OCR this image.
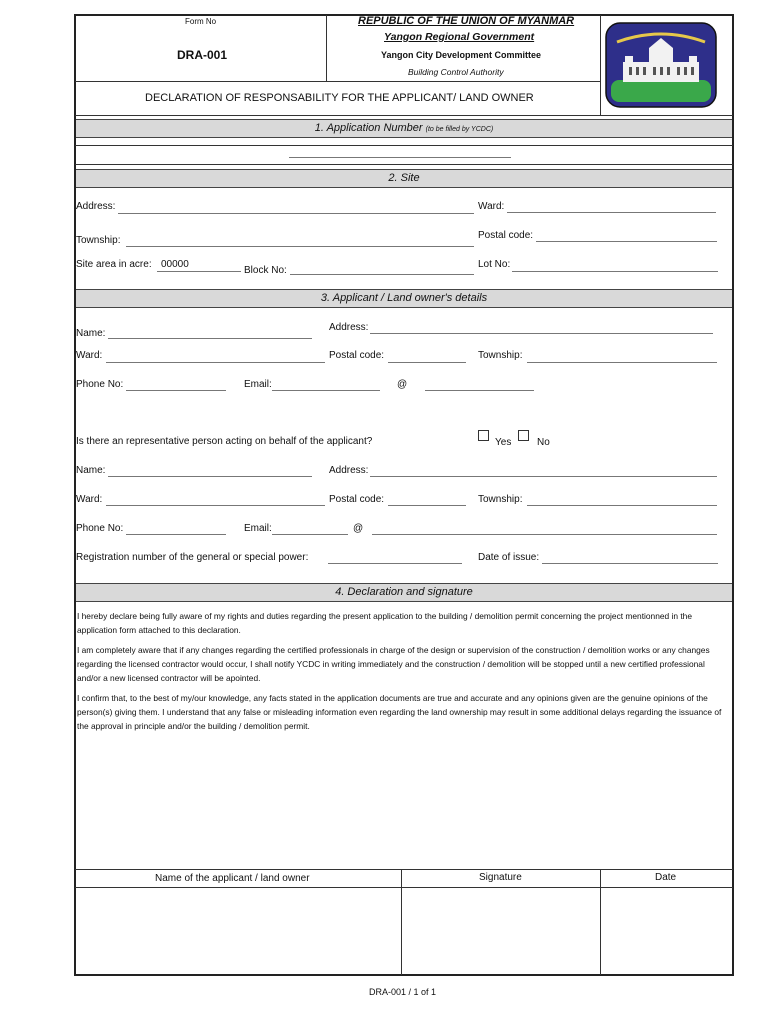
Form No
DRA-001
REPUBLIC OF THE UNION OF MYANMAR
Yangon Regional Government
Yangon City Development Committee
Building Control Authority
DECLARATION OF RESPONSABILITY FOR THE APPLICANT/ LAND OWNER
1. Application Number (to be filled by YCDC)
2. Site
Address:	Ward:
Township:	Postal code:
Site area in acre: 00000
Block No:
Lot No:
3. Applicant / Land owner's details
Name:
Address:
Ward:	Postal code:	Township:
Phone No:	Email:	@
Is there an representative person acting on behalf of the applicant?	Yes	No
Name:	Address:
Ward:	Postal code:	Township:
Phone No:	Email:	@
Registration number of the general or special power:	Date of issue:
4. Declaration and signature

I hereby declare being fully aware of my rights and duties regarding the present application to the building / demolition permit concerning the project mentionned in the application form attached to this declaration.

I am completely aware that if any changes regarding the certified professionals in charge of the design or supervision of the construction / demolition works or any changes regarding the licensed contractor would occur, I shall notify YCDC in writing immediately and the construction / demolition will be stopped until a new certified professional and/or a new licensed contractor will be apointed.

I confirm that, to the best of my/our knowledge, any facts stated in the application documents are true and accurate and any opinions given are the genuine opinions of the person(s) giving them. I understand that any false or misleading information even regarding the land ownership may result in some additional delays regarding the issuance of the approval in principle and/or the building / demolition permit.

Name of the applicant / land owner	Signature	Date
DRA-001 / 1 of 1
